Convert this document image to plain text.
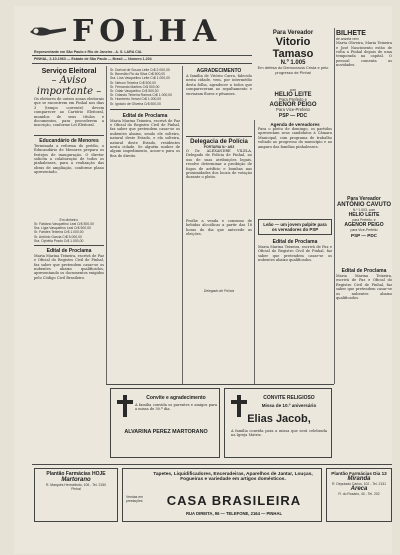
FOLHA
Representante em São Paulo e Rio de Janeiro - A. S. LARA CIA.
PINHAL, 2-10-1963 — Estado de São Paulo — Brasil — Número 1.204
Para Vereador
Vitorio Tamaso
N.º 1.005
Em defesa do Democracia Crista e pelo progresso de Pinhal
com
HELIO LEITE
Para Prefeito e
AGENOR PEIGO
Para Vice-Prefeito
PSP — PDC
BILHETE
de aranha vem
Marta Oliveira, Maria Teixeira e José Nascimento estão de volta a Pinhal depois de uma temporada na capital. O pessoal comenta as novidades.
Serviço Eleitoral
– Aviso importante –
Os eleitores de outros zonas eleitorais que se encontrem em Pinhal nos dias 3 (tempo corrente) devem comparecer ao Cartório Eleitoral, munidos de seus títulos e documentos, para procederem a inscrição, conforme Lei Eleitoral.
Educandário de Menores
Terminada a reforma do prédio, o Educandário de Menores prepara os festejos de inauguração. O diretor solicita a colaboração de todos os pinhalenses, para a realização das obras de ampliação, conforme plano apresentado.
Em dinheiro:
Sr. Fabiano Vasquelino Leal Cr$ 500,00
Sra. Ligia Vasquelino Leal Cr$ 500,00
Sr. Farides Teixeira Cr$ 1.000,00
Sr. Antônio Garcia Cr$ 5.000,00
Sra. Ophélia Prado Cr$ 1.000,00
Edital de Proclama
Maria Marina Teixeira, escrivã de Paz e Oficial do Registro Civil de Pinhal, faz saber que pretendem casar-se os nubentes abaixo qualificados, apresentando os documentos exigidos pelo Código Civil Brasileiro.
Sr. Dorival de Souza Leite Cr$ 2.000,00
Sr. Benedito Pio da Silva Cr$ 500,00
Sra. Lina Vasquelino Leite Cr$ 1.000,00
Sr. Nelson Teixeira Cr$ 500,00
Sr. Fernando Martins Cr$ 500,00
Sr. Odair Vasquelino Cr$ 500,00
Sr. Orlando Teixeira Ramos Cr$ 1.000,00
Sr. Humberto Verani Cr$ 1.000,00
Sr. Ignácio de Oliveira Cr$ 500,00
Edital de Proclama
Maria Marina Teixeira, escrivã de Paz e Oficial do Registro Civil de Pinhal, faz saber que pretendem casar-se os nubentes abaixo, sendo ele solteiro, natural deste Estado, e ela solteira, natural deste Estado, residentes nesta cidade. Se alguém souber de algum impedimento, acuse-o para os fins de direito.
AGRADECIMENTO
A família de Vitório Carra, falecido nesta cidade, vem, por intermédio desta folha, agradecer a todos que compareceram ao sepultamento e enviaram flores e pêsames.
Delegacia de Polícia
PORTARIA N.º 4/63
O Dr. ALEXANDRE VILELA, Delegado de Polícia de Pinhal, no uso de suas atribuições legais, resolve determinar a proibição de fogos de artifício e bombas nas proximidades dos locais de votação durante o pleito.
Proíbe a venda e consumo de bebidas alcoólicas a partir das 18 horas do dia que antecede as eleições.
Delegado de Polícia
Agenda de vereadores
Para o pleito de domingo, os partidos apresentam seus candidatos à Câmara Municipal, com programa de trabalho voltado ao progresso do município e ao amparo das famílias pinhalenses.
Leão — um jovem palpite para os vereadores do PSP
Edital de Proclama
Maria Marina Teixeira, escrivã de Paz e Oficial do Registro Civil de Pinhal, faz saber que pretendem casar-se os nubentes abaixo qualificados.
Para Vereador
ANTÓNIO CAVUTO
N.º 1.003, com
HELIO LEITE
para Prefeito, e
AGENOR PEIGO
para Vice-Prefeito
PSP — PDC
Edital de Proclama
Maria Marina Teixeira, escrivã de Paz e Oficial do Registro Civil de Pinhal, faz saber que pretendem casar-se os nubentes abaixo qualificados.
Convite e agradecimento
A família convida os parentes e amigos para a missa de 30.º dia.
ALVARINA PEREZ MARTORANO
CONVITE RELIGIOSO
Missa de 10.º aniversário
Elias Jacob,
A família convida para a missa que será celebrada na Igreja Matriz.
Plantão Farmácias HOJE
Martorano
R. Marquês Hermelindo, 106 - Tel. 2150
Pinhal
Tapetes, Liquidificadores, Enceradeiras, Aparelhos de Jantar, Louças, Fogueiras e variedade em artigos domésticos.
Vendas em prestações	CASA BRASILEIRA
RUA DIREITA, 96 — TELEFONE, 2164 — PINHAL
Plantão Farmácias Dia 13
Miranda
R. Deputado Carlos, 102 - Tel. 2131
Areca
R. do Rosário, 40 - Tel. 202
